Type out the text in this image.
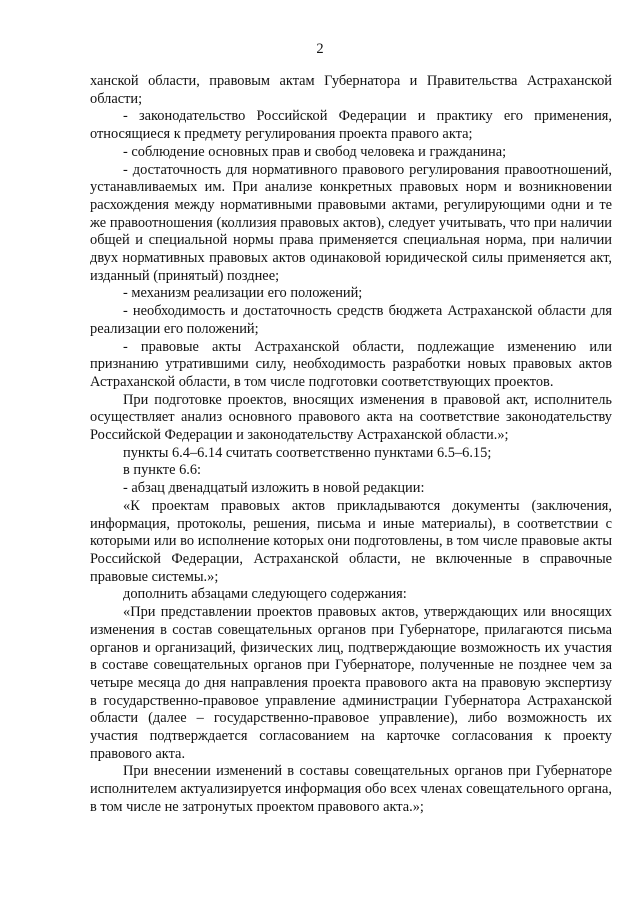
2

ханской области, правовым актам Губернатора и Правительства Астраханской области;

- законодательство Российской Федерации и практику его применения, относящиеся к предмету регулирования проекта правого акта;

- соблюдение основных прав и свобод человека и гражданина;

- достаточность для нормативного правового регулирования правоотношений, устанавливаемых им. При анализе конкретных правовых норм и возникновении расхождения между нормативными правовыми актами, регулирующими одни и те же правоотношения (коллизия правовых актов), следует учитывать, что при наличии общей и специальной нормы права применяется специальная норма, при наличии двух нормативных правовых актов одинаковой юридической силы применяется акт, изданный (принятый) позднее;

- механизм реализации его положений;

- необходимость и достаточность средств бюджета Астраханской области для реализации его положений;

- правовые акты Астраханской области, подлежащие изменению или признанию утратившими силу, необходимость разработки новых правовых актов Астраханской области, в том числе подготовки соответствующих проектов.

При подготовке проектов, вносящих изменения в правовой акт, исполнитель осуществляет анализ основного правового акта на соответствие законодательству Российской Федерации и законодательству Астраханской области.»;

пункты 6.4–6.14 считать соответственно пунктами 6.5–6.15;

в пункте 6.6:

- абзац двенадцатый изложить в новой редакции:

«К проектам правовых актов прикладываются документы (заключения, информация, протоколы, решения, письма и иные материалы), в соответствии с которыми или во исполнение которых они подготовлены, в том числе правовые акты Российской Федерации, Астраханской области, не включенные в справочные правовые системы.»;

дополнить абзацами следующего содержания:

«При представлении проектов правовых актов, утверждающих или вносящих изменения в состав совещательных органов при Губернаторе, прилагаются письма органов и организаций, физических лиц, подтверждающие возможность их участия в составе совещательных органов при Губернаторе, полученные не позднее чем за четыре месяца до дня направления проекта правового акта на правовую экспертизу в государственно-правовое управление администрации Губернатора Астраханской области (далее – государственно-правовое управление), либо возможность их участия подтверждается согласованием на карточке согласования к проекту правового акта.

При внесении изменений в составы совещательных органов при Губернаторе исполнителем актуализируется информация обо всех членах совещательного органа, в том числе не затронутых проектом правового акта.»;
